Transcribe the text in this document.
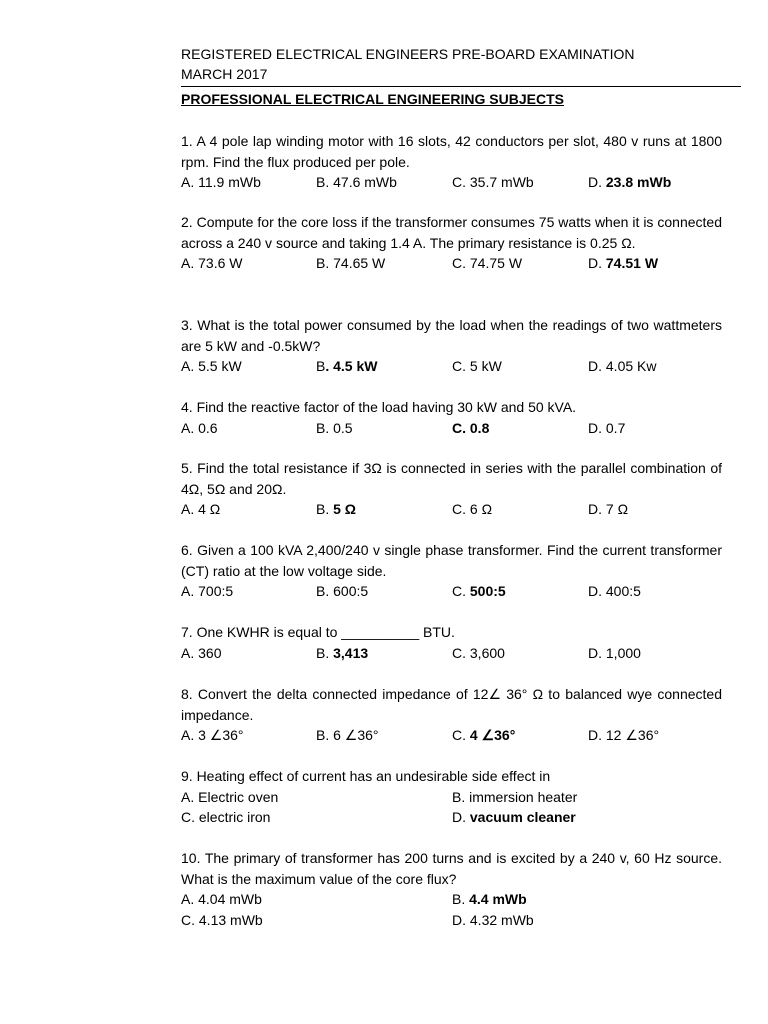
REGISTERED ELECTRICAL ENGINEERS PRE-BOARD EXAMINATION
MARCH 2017
PROFESSIONAL ELECTRICAL ENGINEERING SUBJECTS

1. A 4 pole lap winding motor with 16 slots, 42 conductors per slot, 480 v runs at 1800 rpm. Find the flux produced per pole.

A. 11.9 mWb	B. 47.6 mWb	C. 35.7 mWb	D. 23.8 mWb

2. Compute for the core loss if the transformer consumes 75 watts when it is connected across a 240 v source and taking 1.4 A. The primary resistance is 0.25 Ω.

A. 73.6 W	B. 74.65 W	C. 74.75 W	D. 74.51 W

3. What is the total power consumed by the load when the readings of two wattmeters are 5 kW and -0.5kW?

A. 5.5 kW	B. 4.5 kW	C. 5 kW	D. 4.05 Kw

4. Find the reactive factor of the load having 30 kW and 50 kVA.

A. 0.6	B. 0.5	C. 0.8	D. 0.7

5. Find the total resistance if 3Ω is connected in series with the parallel combination of 4Ω, 5Ω and 20Ω.

A. 4 Ω	B. 5 Ω	C. 6 Ω	D. 7 Ω

6. Given a 100 kVA 2,400/240 v single phase transformer. Find the current transformer (CT) ratio at the low voltage side.

A. 700:5	B. 600:5	C. 500:5	D. 400:5

7. One KWHR is equal to __________ BTU.

A. 360	B. 3,413	C. 3,600	D. 1,000

8. Convert the delta connected impedance of 12∠ 36° Ω to balanced wye connected impedance.

A. 3 ∠36°	B. 6 ∠36°	C. 4 ∠36°	D. 12 ∠36°

9. Heating effect of current has an undesirable side effect in

A. Electric oven	B. immersion heater
C. electric iron	D. vacuum cleaner

10. The primary of transformer has 200 turns and is excited by a 240 v, 60 Hz source. What is the maximum value of the core flux?

A. 4.04 mWb	B. 4.4 mWb
C. 4.13 mWb	D. 4.32 mWb
